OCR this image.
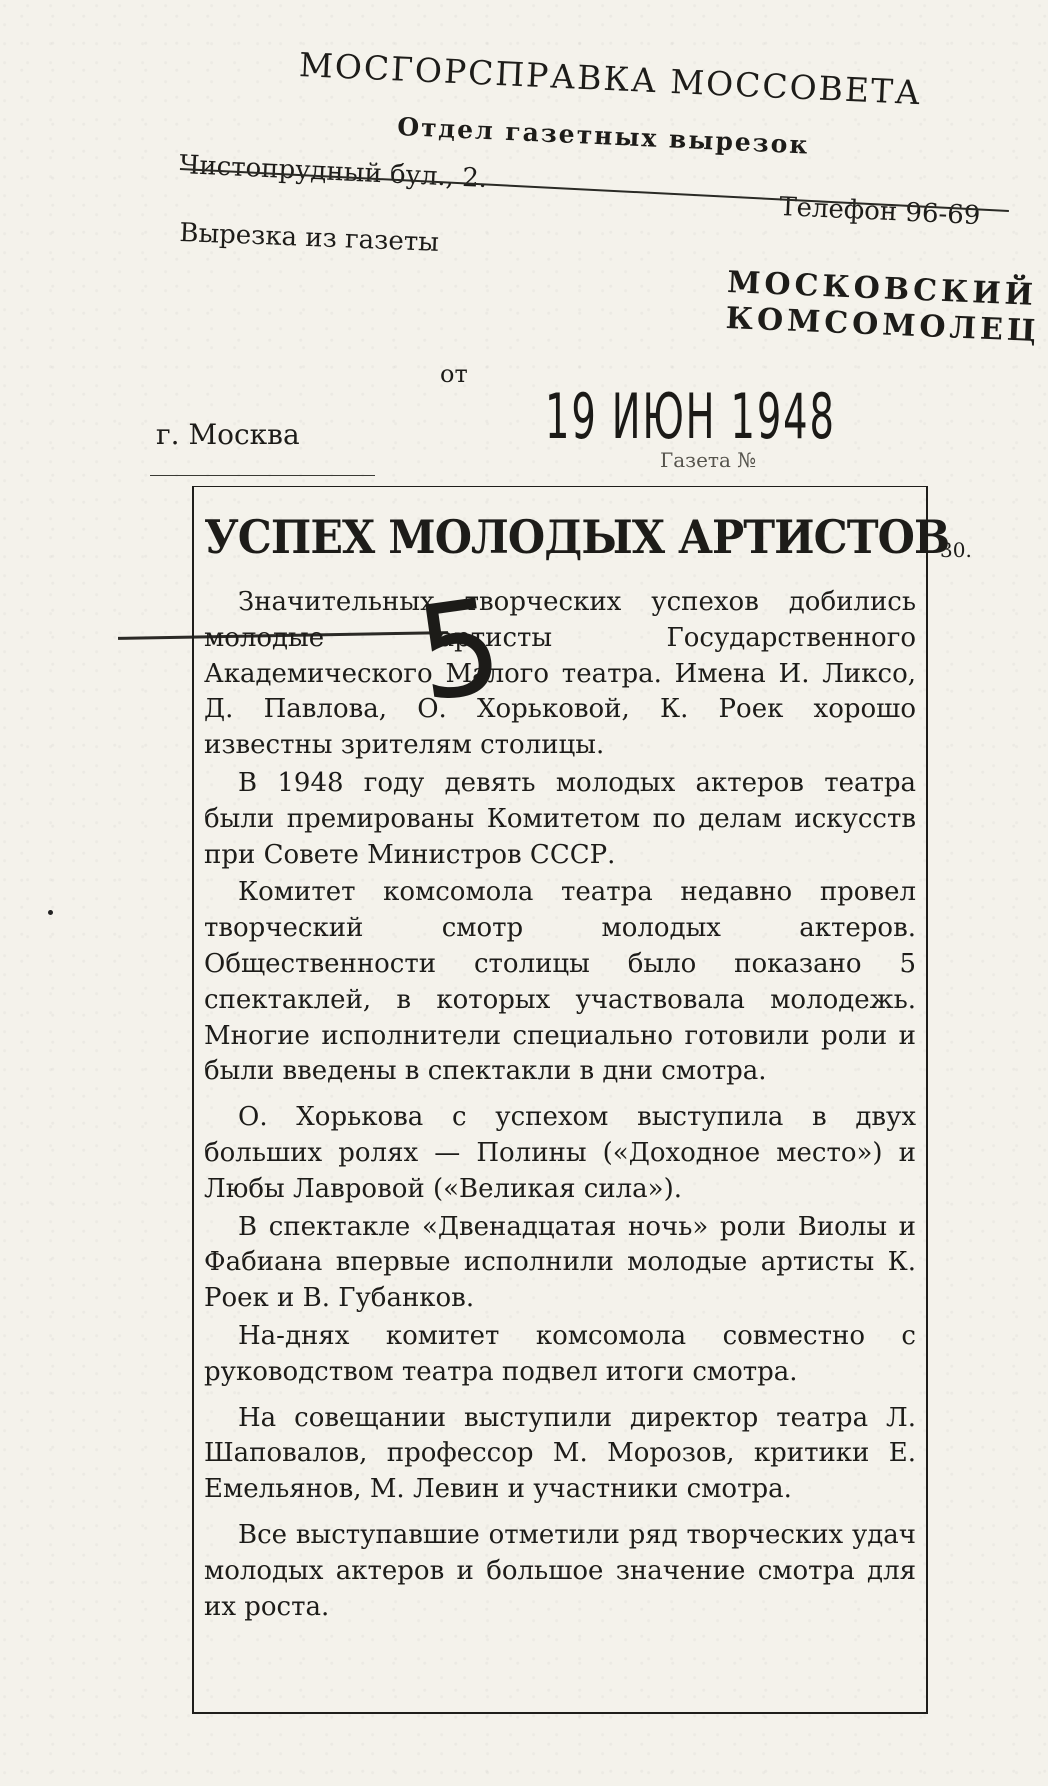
МОСГОРСПРАВКА МОССОВЕТА
Отдел газетных вырезок
Чистопрудный бул., 2.
Телефон 96-69
Вырезка из газеты
МОСКОВСКИЙ КОМСОМОЛЕЦ
от
г. Москва	19 ИЮН 1948
Газета №
30.
УСПЕХ МОЛОДЫХ АРТИСТОВ

Значительных творческих успехов добились молодые артисты Государственного Академического Малого театра. Имена И. Ликсо, Д. Павлова, О. Хорьковой, К. Роек хорошо известны зрителям столицы.

В 1948 году девять молодых актеров театра были премированы Комитетом по делам искусств при Совете Министров СССР.

Комитет комсомола театра недавно провел творческий смотр молодых актеров. Общественности столицы было показано 5 спектаклей, в которых участвовала молодежь. Многие исполнители специально готовили роли и были введены в спектакли в дни смотра.

О. Хорькова с успехом выступила в двух больших ролях — Полины («Доходное место») и Любы Лавровой («Великая сила»).

В спектакле «Двенадцатая ночь» роли Виолы и Фабиана впервые исполнили молодые артисты К. Роек и В. Губанков.

На-днях комитет комсомола совместно с руководством театра подвел итоги смотра.

На совещании выступили директор театра Л. Шаповалов, профессор М. Морозов, критики Е. Емельянов, М. Левин и участники смотра.

Все выступавшие отметили ряд творческих удач молодых актеров и большое значение смотра для их роста.

5
